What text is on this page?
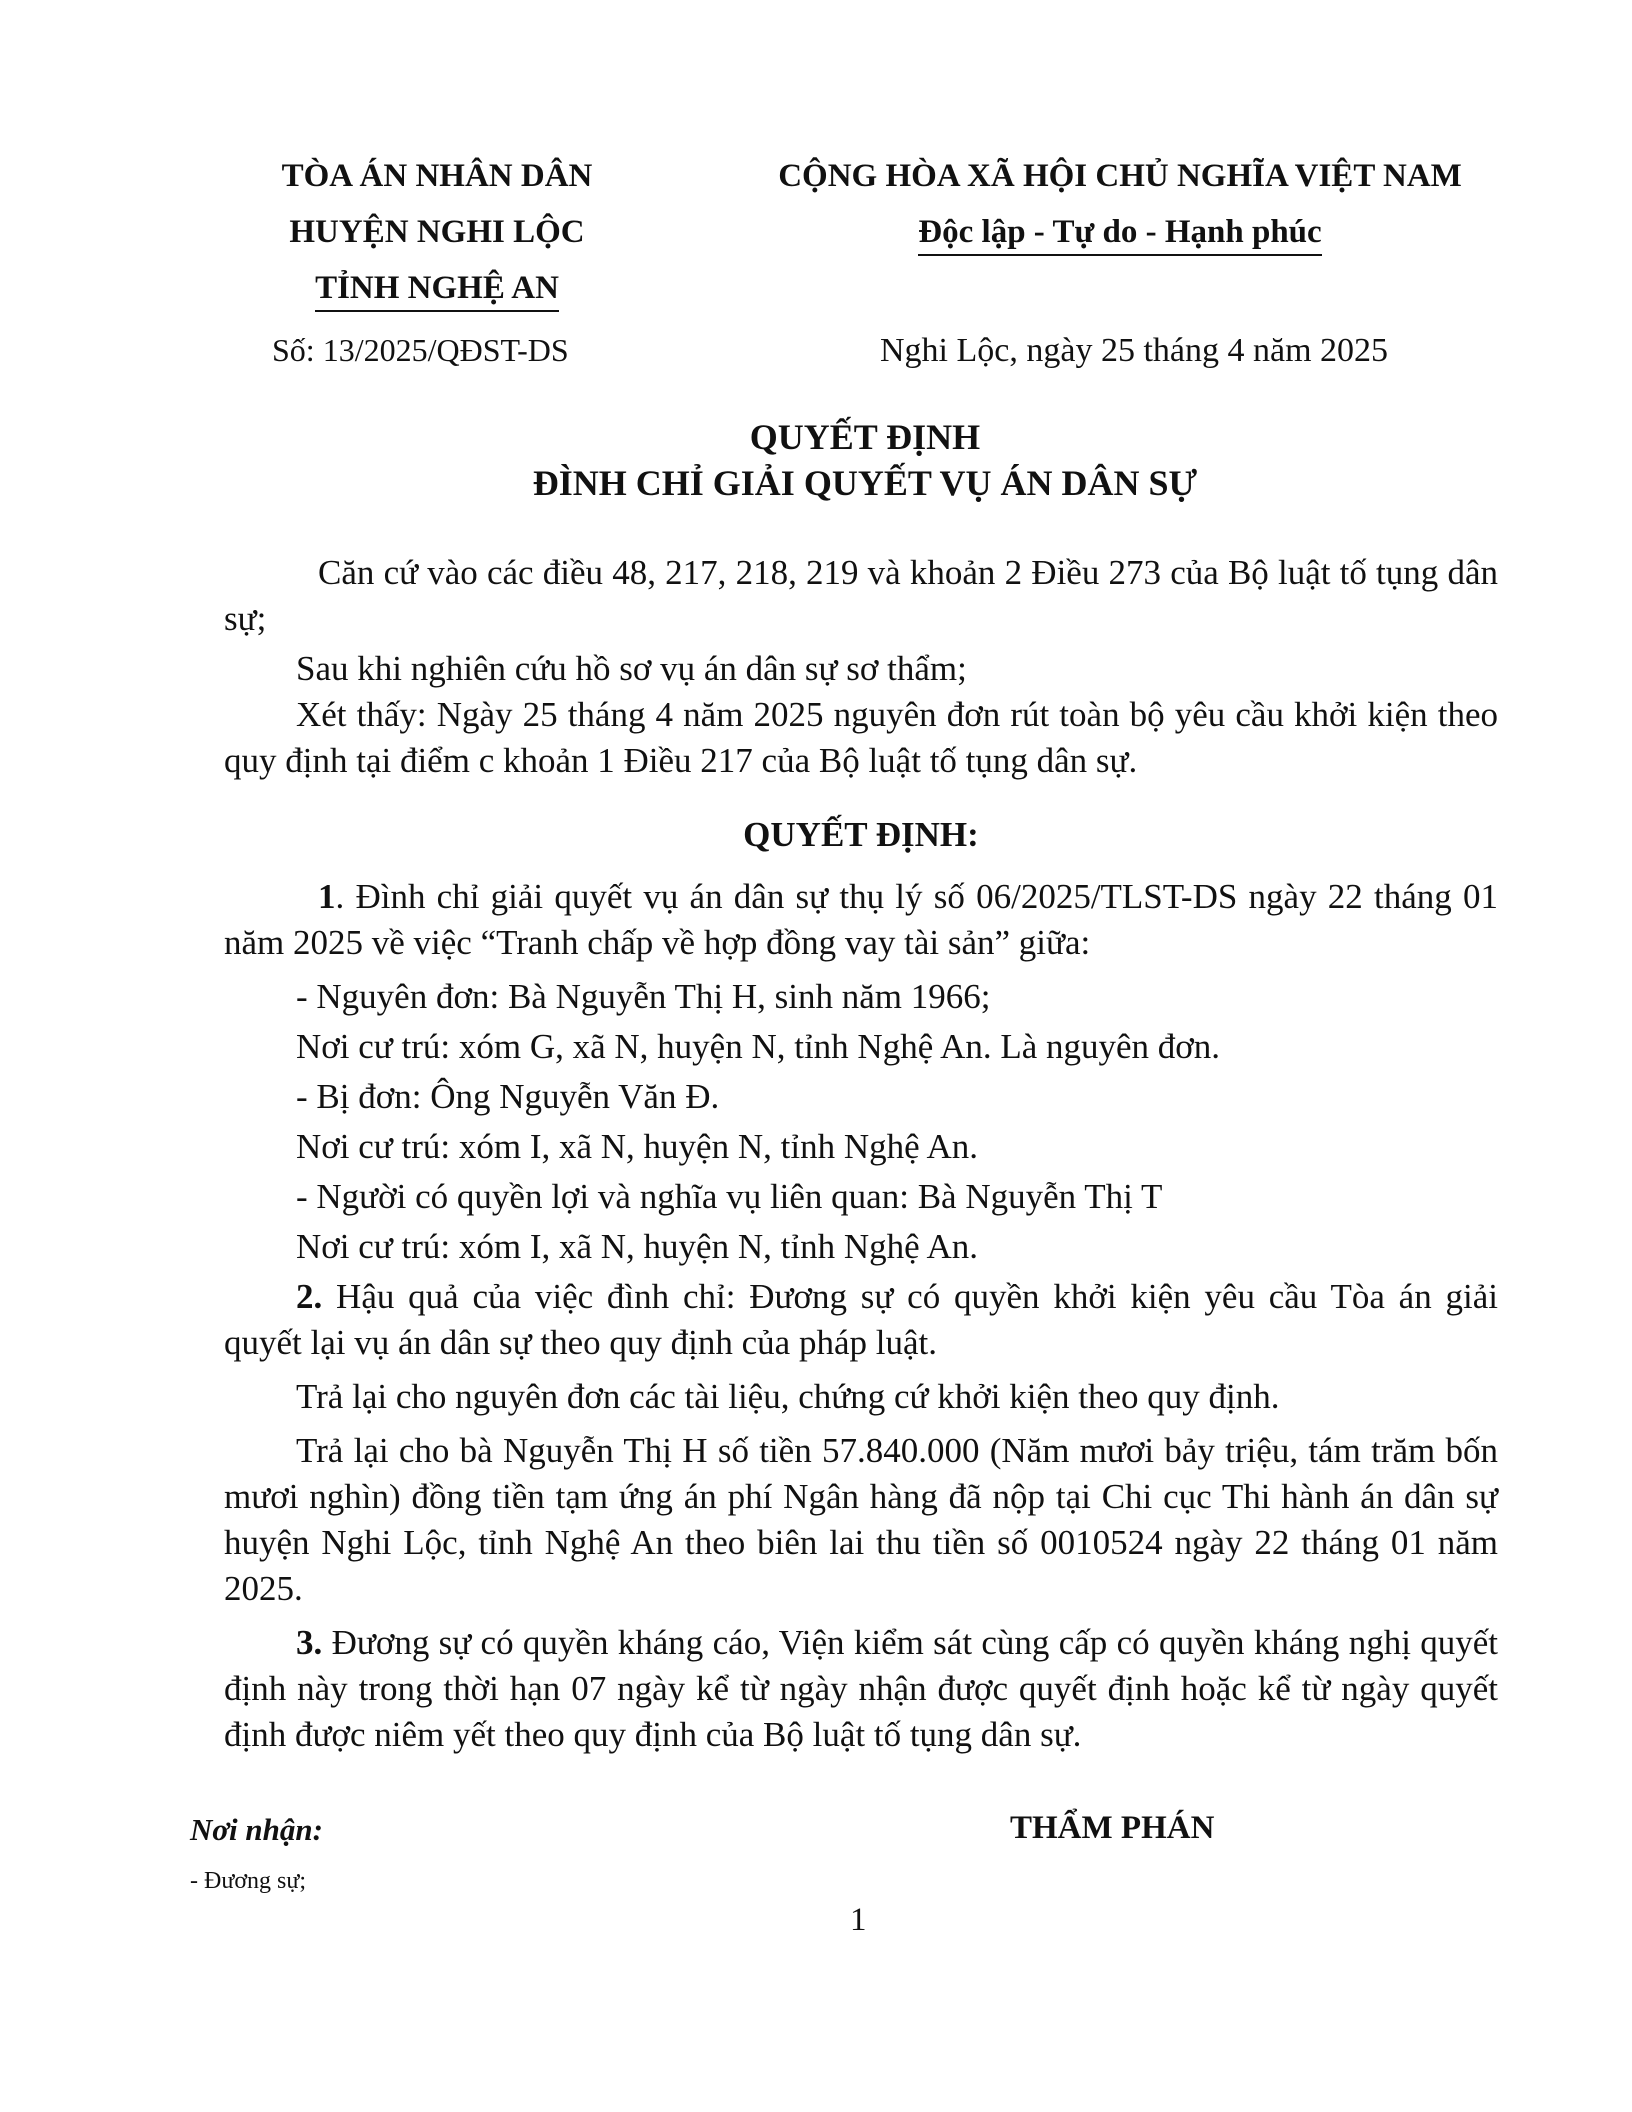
TÒA ÁN NHÂN DÂN
HUYỆN NGHI LỘC
TỈNH NGHỆ AN
CỘNG HÒA XÃ HỘI CHỦ NGHĨA VIỆT NAM
Độc lập - Tự do - Hạnh phúc
Số: 13/2025/QĐST-DS	Nghi Lộc, ngày 25 tháng 4 năm 2025
QUYẾT ĐỊNH
ĐÌNH CHỈ GIẢI QUYẾT VỤ ÁN DÂN SỰ

Căn cứ vào các điều 48, 217, 218, 219 và khoản 2 Điều 273 của Bộ luật tố tụng dân sự;

Sau khi nghiên cứu hồ sơ vụ án dân sự sơ thẩm;

Xét thấy: Ngày 25 tháng 4 năm 2025 nguyên đơn rút toàn bộ yêu cầu khởi kiện theo quy định tại điểm c khoản 1 Điều 217 của Bộ luật tố tụng dân sự.

QUYẾT ĐỊNH:

1. Đình chỉ giải quyết vụ án dân sự thụ lý số 06/2025/TLST-DS ngày 22 tháng 01 năm 2025 về việc “Tranh chấp về hợp đồng vay tài sản” giữa:

- Nguyên đơn: Bà Nguyễn Thị H, sinh năm 1966;

Nơi cư trú: xóm G, xã N, huyện N, tỉnh Nghệ An. Là nguyên đơn.

- Bị đơn: Ông Nguyễn Văn Đ.

Nơi cư trú: xóm I, xã N, huyện N, tỉnh Nghệ An.

- Người có quyền lợi và nghĩa vụ liên quan: Bà Nguyễn Thị T

Nơi cư trú: xóm I, xã N, huyện N, tỉnh Nghệ An.

2. Hậu quả của việc đình chỉ: Đương sự có quyền khởi kiện yêu cầu Tòa án giải quyết lại vụ án dân sự theo quy định của pháp luật.

Trả lại cho nguyên đơn các tài liệu, chứng cứ khởi kiện theo quy định.

Trả lại cho bà Nguyễn Thị H số tiền 57.840.000 (Năm mươi bảy triệu, tám trăm bốn mươi nghìn) đồng tiền tạm ứng án phí Ngân hàng đã nộp tại Chi cục Thi hành án dân sự huyện Nghi Lộc, tỉnh Nghệ An theo biên lai thu tiền số 0010524 ngày 22 tháng 01 năm 2025.

3. Đương sự có quyền kháng cáo, Viện kiểm sát cùng cấp có quyền kháng nghị quyết định này trong thời hạn 07 ngày kể từ ngày nhận được quyết định hoặc kể từ ngày quyết định được niêm yết theo quy định của Bộ luật tố tụng dân sự.

Nơi nhận:
- Đương sự;
THẨM PHÁN
1
